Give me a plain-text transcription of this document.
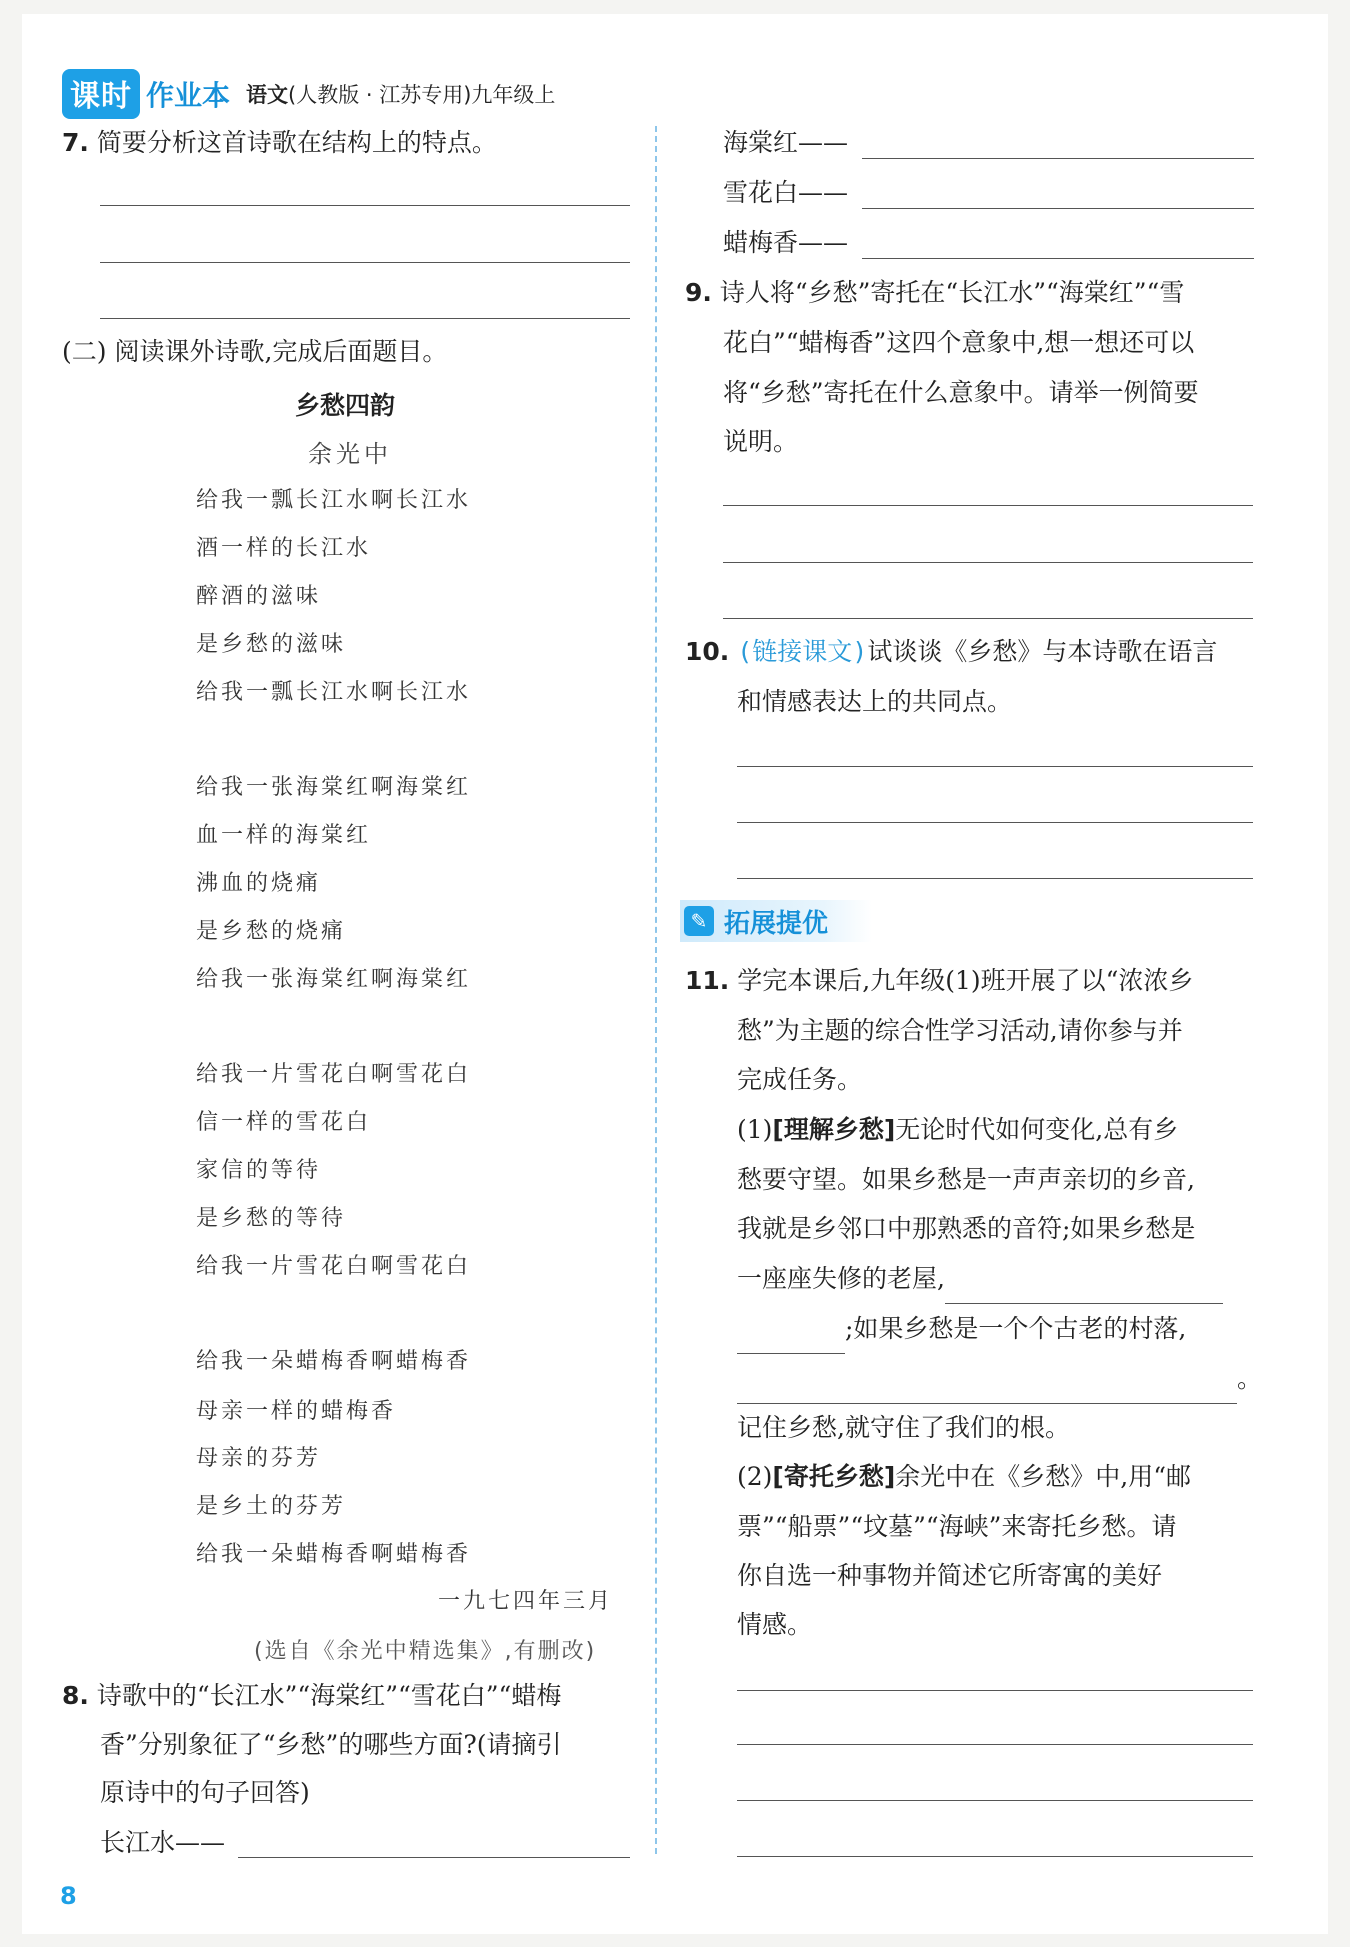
课时 作业本 语文(人教版 · 江苏专用)九年级上
7. 简要分析这首诗歌在结构上的特点。
(二) 阅读课外诗歌,完成后面题目。
乡愁四韵
余光中
给我一瓢长江水啊长江水
酒一样的长江水
醉酒的滋味
是乡愁的滋味
给我一瓢长江水啊长江水
给我一张海棠红啊海棠红
血一样的海棠红
沸血的烧痛
是乡愁的烧痛
给我一张海棠红啊海棠红
给我一片雪花白啊雪花白
信一样的雪花白
家信的等待
是乡愁的等待
给我一片雪花白啊雪花白
给我一朵蜡梅香啊蜡梅香
母亲一样的蜡梅香
母亲的芬芳
是乡土的芬芳
给我一朵蜡梅香啊蜡梅香
一九七四年三月
(选自《余光中精选集》,有删改)
8. 诗歌中的“长江水”“海棠红”“雪花白”“蜡梅
香”分别象征了“乡愁”的哪些方面?(请摘引
原诗中的句子回答)
长江水——
海棠红——
雪花白——
蜡梅香——
9. 诗人将“乡愁”寄托在“长江水”“海棠红”“雪
花白”“蜡梅香”这四个意象中,想一想还可以
将“乡愁”寄托在什么意象中。请举一例简要
说明。
10. (链接课文)试谈谈《乡愁》与本诗歌在语言
和情感表达上的共同点。
✎ 拓展提优
11. 学完本课后,九年级(1)班开展了以“浓浓乡
愁”为主题的综合性学习活动,请你参与并
完成任务。
(1)[理解乡愁]无论时代如何变化,总有乡
愁要守望。如果乡愁是一声声亲切的乡音,
我就是乡邻口中那熟悉的音符;如果乡愁是
一座座失修的老屋,
;如果乡愁是一个个古老的村落,
。
记住乡愁,就守住了我们的根。
(2)[寄托乡愁]余光中在《乡愁》中,用“邮
票”“船票”“坟墓”“海峡”来寄托乡愁。请
你自选一种事物并简述它所寄寓的美好
情感。
8
